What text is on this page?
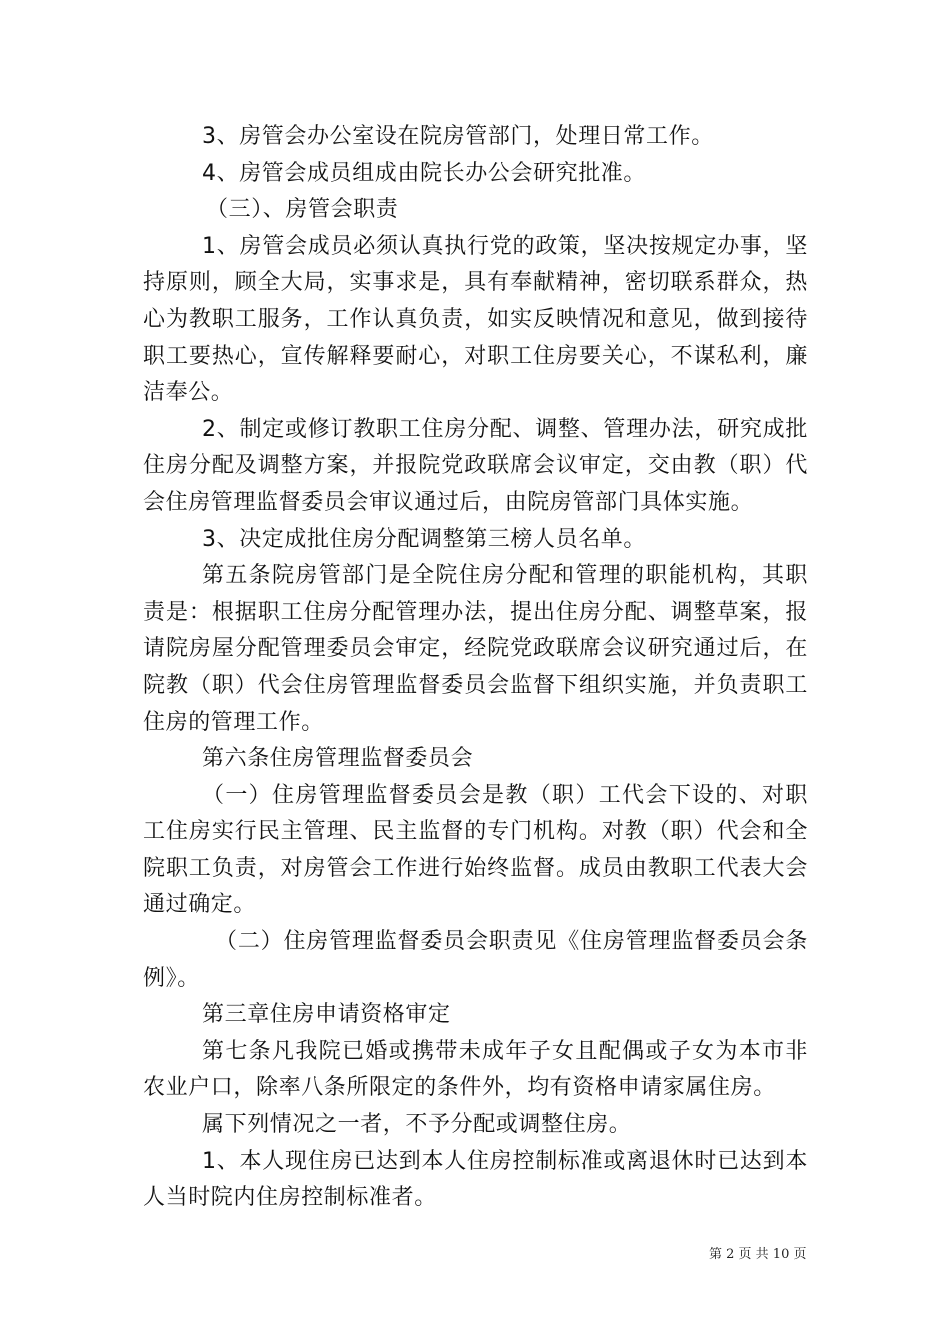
3、房管会办公室设在院房管部门，处理日常工作。

4、房管会成员组成由院长办公会研究批准。

（三）、房管会职责

1、房管会成员必须认真执行党的政策，坚决按规定办事，坚持原则，顾全大局，实事求是，具有奉献精神，密切联系群众，热心为教职工服务，工作认真负责，如实反映情况和意见，做到接待职工要热心，宣传解释要耐心，对职工住房要关心，不谋私利，廉洁奉公。

2、制定或修订教职工住房分配、调整、管理办法，研究成批住房分配及调整方案，并报院党政联席会议审定，交由教（职）代会住房管理监督委员会审议通过后，由院房管部门具体实施。

3、决定成批住房分配调整第三榜人员名单。

第五条院房管部门是全院住房分配和管理的职能机构，其职责是：根据职工住房分配管理办法，提出住房分配、调整草案，报请院房屋分配管理委员会审定，经院党政联席会议研究通过后，在院教（职）代会住房管理监督委员会监督下组织实施，并负责职工住房的管理工作。

第六条住房管理监督委员会

（一）住房管理监督委员会是教（职）工代会下设的、对职工住房实行民主管理、民主监督的专门机构。对教（职）代会和全院职工负责，对房管会工作进行始终监督。成员由教职工代表大会通过确定。

（二）住房管理监督委员会职责见《住房管理监督委员会条例》。

第三章住房申请资格审定

第七条凡我院已婚或携带未成年子女且配偶或子女为本市非农业户口，除率八条所限定的条件外，均有资格申请家属住房。

属下列情况之一者，不予分配或调整住房。

1、本人现住房已达到本人住房控制标准或离退休时已达到本人当时院内住房控制标准者。

第 2 页 共 10 页
